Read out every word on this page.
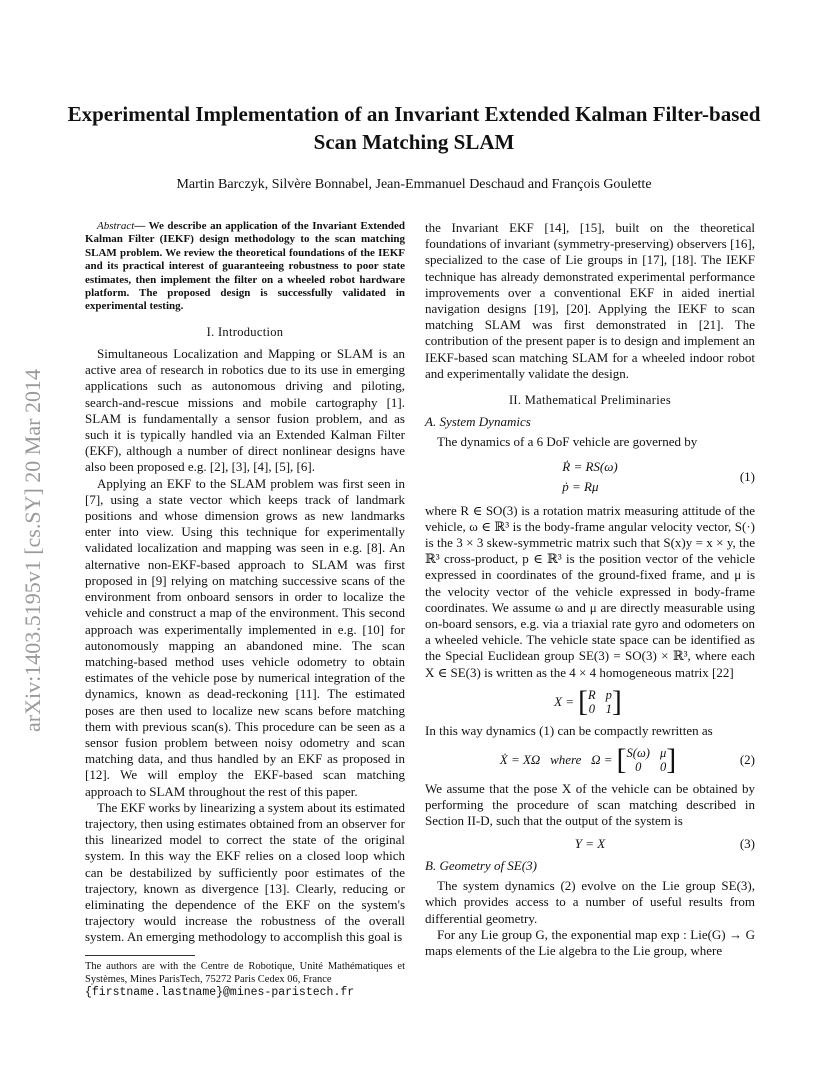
arXiv:1403.5195v1 [cs.SY] 20 Mar 2014
Experimental Implementation of an Invariant Extended Kalman Filter-based Scan Matching SLAM
Martin Barczyk, Silvère Bonnabel, Jean-Emmanuel Deschaud and François Goulette

Abstract— We describe an application of the Invariant Extended Kalman Filter (IEKF) design methodology to the scan matching SLAM problem. We review the theoretical foundations of the IEKF and its practical interest of guaranteeing robustness to poor state estimates, then implement the filter on a wheeled robot hardware platform. The proposed design is successfully validated in experimental testing.

I. Introduction

Simultaneous Localization and Mapping or SLAM is an active area of research in robotics due to its use in emerging applications such as autonomous driving and piloting, search-and-rescue missions and mobile cartography [1]. SLAM is fundamentally a sensor fusion problem, and as such it is typically handled via an Extended Kalman Filter (EKF), although a number of direct nonlinear designs have also been proposed e.g. [2], [3], [4], [5], [6].

Applying an EKF to the SLAM problem was first seen in [7], using a state vector which keeps track of landmark positions and whose dimension grows as new landmarks enter into view. Using this technique for experimentally validated localization and mapping was seen in e.g. [8]. An alternative non-EKF-based approach to SLAM was first proposed in [9] relying on matching successive scans of the environment from onboard sensors in order to localize the vehicle and construct a map of the environment. This second approach was experimentally implemented in e.g. [10] for autonomously mapping an abandoned mine. The scan matching-based method uses vehicle odometry to obtain estimates of the vehicle pose by numerical integration of the dynamics, known as dead-reckoning [11]. The estimated poses are then used to localize new scans before matching them with previous scan(s). This procedure can be seen as a sensor fusion problem between noisy odometry and scan matching data, and thus handled by an EKF as proposed in [12]. We will employ the EKF-based scan matching approach to SLAM throughout the rest of this paper.

The EKF works by linearizing a system about its estimated trajectory, then using estimates obtained from an observer for this linearized model to correct the state of the original system. In this way the EKF relies on a closed loop which can be destabilized by sufficiently poor estimates of the trajectory, known as divergence [13]. Clearly, reducing or eliminating the dependence of the EKF on the system's trajectory would increase the robustness of the overall system. An emerging methodology to accomplish this goal is

The authors are with the Centre de Robotique, Unité Mathématiques et Systèmes, Mines ParisTech, 75272 Paris Cedex 06, France
{firstname.lastname}@mines-paristech.fr

the Invariant EKF [14], [15], built on the theoretical foundations of invariant (symmetry-preserving) observers [16], specialized to the case of Lie groups in [17], [18]. The IEKF technique has already demonstrated experimental performance improvements over a conventional EKF in aided inertial navigation designs [19], [20]. Applying the IEKF to scan matching SLAM was first demonstrated in [21]. The contribution of the present paper is to design and implement an IEKF-based scan matching SLAM for a wheeled indoor robot and experimentally validate the design.

II. Mathematical Preliminaries
A. System Dynamics

The dynamics of a 6 DoF vehicle are governed by

Ṙ = RS(ω)
ṗ = Rμ
(1)

where R ∈ SO(3) is a rotation matrix measuring attitude of the vehicle, ω ∈ ℝ³ is the body-frame angular velocity vector, S(·) is the 3 × 3 skew-symmetric matrix such that S(x)y = x × y, the ℝ³ cross-product, p ∈ ℝ³ is the position vector of the vehicle expressed in coordinates of the ground-fixed frame, and μ is the velocity vector of the vehicle expressed in body-frame coordinates. We assume ω and μ are directly measurable using on-board sensors, e.g. via a triaxial rate gyro and odometers on a wheeled vehicle. The vehicle state space can be identified as the Special Euclidean group SE(3) = SO(3) × ℝ³, where each X ∈ SE(3) is written as the 4 × 4 homogeneous matrix [22]

X = [ R p
0 1 ]

In this way dynamics (1) can be compactly rewritten as

Ẋ = XΩ   where   Ω = [ S(ω) μ
0	0 ]	(2)

We assume that the pose X of the vehicle can be obtained by performing the procedure of scan matching described in Section II-D, such that the output of the system is

Y = X	(3)
B. Geometry of SE(3)

The system dynamics (2) evolve on the Lie group SE(3), which provides access to a number of useful results from differential geometry.

For any Lie group G, the exponential map exp : Lie(G) → G maps elements of the Lie algebra to the Lie group, where
